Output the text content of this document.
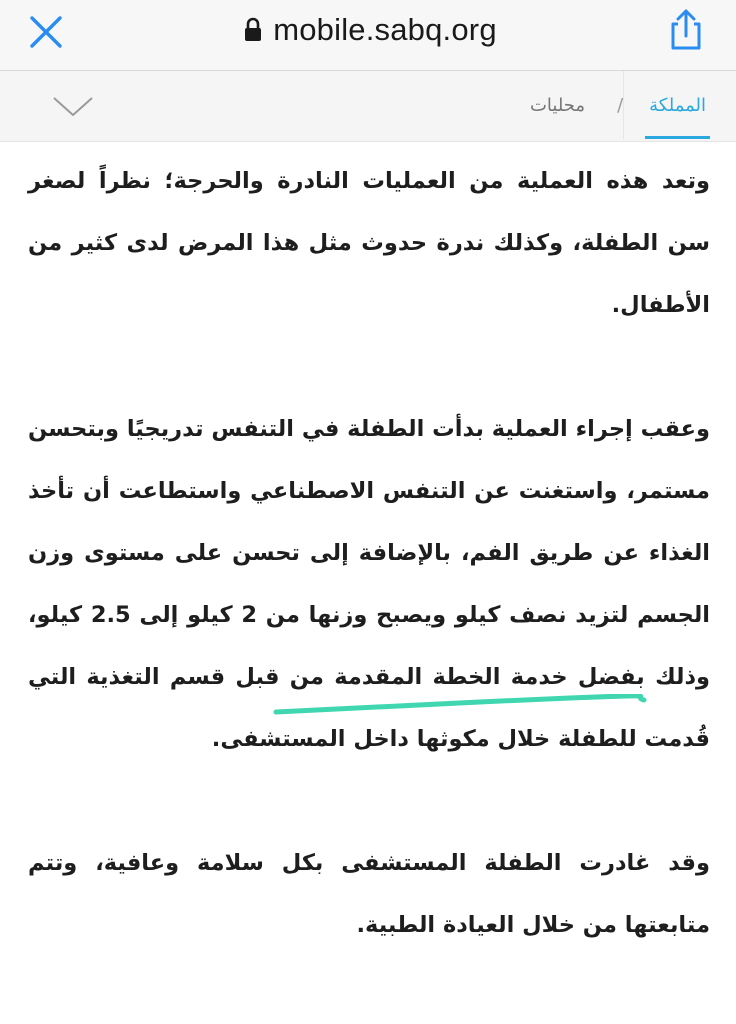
mobile.sabq.org
المملكة
/
محليات

وتعد هذه العملية من العمليات النادرة والحرجة؛ نظراً لصغر سن الطفلة، وكذلك ندرة حدوث مثل هذا المرض لدى كثير من الأطفال.

وعقب إجراء العملية بدأت الطفلة في التنفس تدريجيًا وبتحسن مستمر، واستغنت عن التنفس الاصطناعي واستطاعت أن تأخذ الغذاء عن طريق الفم، بالإضافة إلى تحسن على مستوى وزن الجسم لتزيد نصف كيلو ويصبح وزنها من 2 كيلو إلى 2.5 كيلو، وذلك بفضل خدمة الخطة المقدمة من قبل قسم التغذية التي قُدمت للطفلة خلال مكوثها داخل المستشفى.

وقد غادرت الطفلة المستشفى بكل سلامة وعافية، وتتم متابعتها من خلال العيادة الطبية.
